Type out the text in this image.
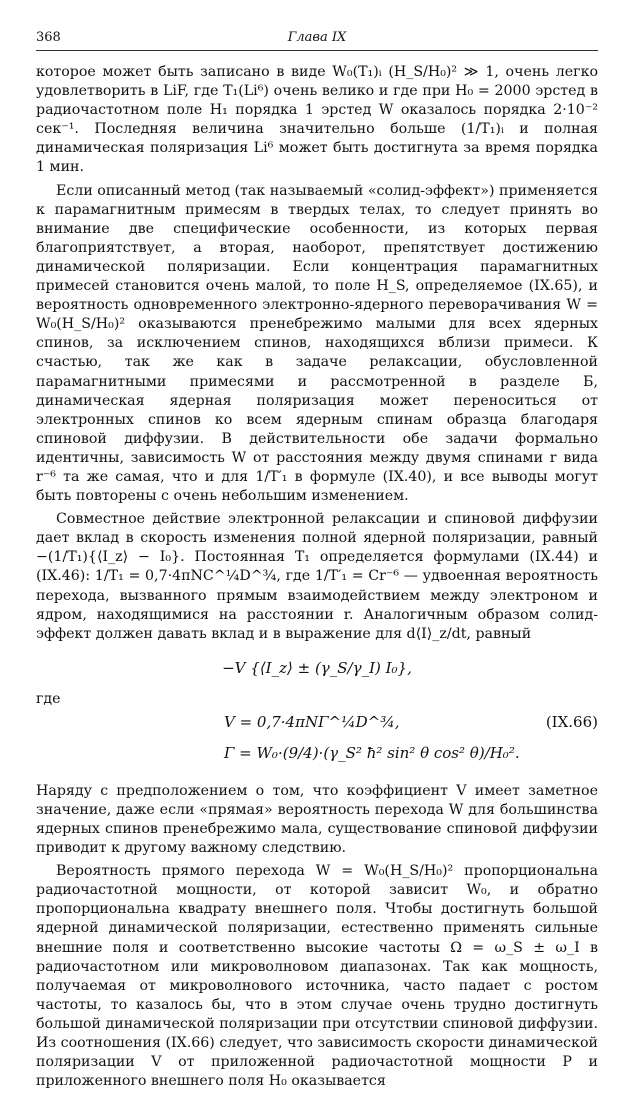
368	Глава IX

которое может быть записано в виде W₀(T₁)ᵢ (H_S/H₀)² ≫ 1, очень легко удовлетворить в LiF, где T₁(Li⁶) очень велико и где при H₀ = 2000 эрстед в радиочастотном поле H₁ порядка 1 эрстед W оказалось порядка 2·10⁻² сек⁻¹. Последняя величина значительно больше (1/T₁)ᵢ и полная динамическая поляризация Li⁶ может быть достигнута за время порядка 1 мин.

Если описанный метод (так называемый «солид-эффект») применяется к парамагнитным примесям в твердых телах, то следует принять во внимание две специфические особенности, из которых первая благоприятствует, а вторая, наоборот, препятствует достижению динамической поляризации. Если концентрация парамагнитных примесей становится очень малой, то поле H_S, определяемое (IX.65), и вероятность одновременного электронно-ядерного переворачивания W = W₀(H_S/H₀)² оказываются пренебрежимо малыми для всех ядерных спинов, за исключением спинов, находящихся вблизи примеси. К счастью, так же как в задаче релаксации, обусловленной парамагнитными примесями и рассмотренной в разделе Б, динамическая ядерная поляризация может переноситься от электронных спинов ко всем ядерным спинам образца благодаря спиновой диффузии. В действительности обе задачи формально идентичны, зависимость W от расстояния между двумя спинами r вида r⁻⁶ та же самая, что и для 1/T′₁ в формуле (IX.40), и все выводы могут быть повторены с очень небольшим изменением.

Совместное действие электронной релаксации и спиновой диффузии дает вклад в скорость изменения полной ядерной поляризации, равный −(1/T₁){⟨I_z⟩ − I₀}. Постоянная T₁ определяется формулами (IX.44) и (IX.46): 1/T₁ = 0,7·4πNC^¼D^¾, где 1/T′₁ = Cr⁻⁶ — удвоенная вероятность перехода, вызванного прямым взаимодействием между электроном и ядром, находящимися на расстоянии r. Аналогичным образом солид-эффект должен давать вклад и в выражение для d⟨I⟩_z/dt, равный

−V {⟨I_z⟩ ± (γ_S/γ_I) I₀},
где
V = 0,7·4πNΓ^¼D^¾,	(IX.66)
Γ = W₀·(9/4)·(γ_S² ħ² sin² θ cos² θ)/H₀².

Наряду с предположением о том, что коэффициент V имеет заметное значение, даже если «прямая» вероятность перехода W для большинства ядерных спинов пренебрежимо мала, существование спиновой диффузии приводит к другому важному следствию.

Вероятность прямого перехода W = W₀(H_S/H₀)² пропорциональна радиочастотной мощности, от которой зависит W₀, и обратно пропорциональна квадрату внешнего поля. Чтобы достигнуть большой ядерной динамической поляризации, естественно применять сильные внешние поля и соответственно высокие частоты Ω = ω_S ± ω_I в радиочастотном или микроволновом диапазонах. Так как мощность, получаемая от микроволнового источника, часто падает с ростом частоты, то казалось бы, что в этом случае очень трудно достигнуть большой динамической поляризации при отсутствии спиновой диффузии. Из соотношения (IX.66) следует, что зависимость скорости динамической поляризации V от приложенной радиочастотной мощности P и приложенного внешнего поля H₀ оказывается
